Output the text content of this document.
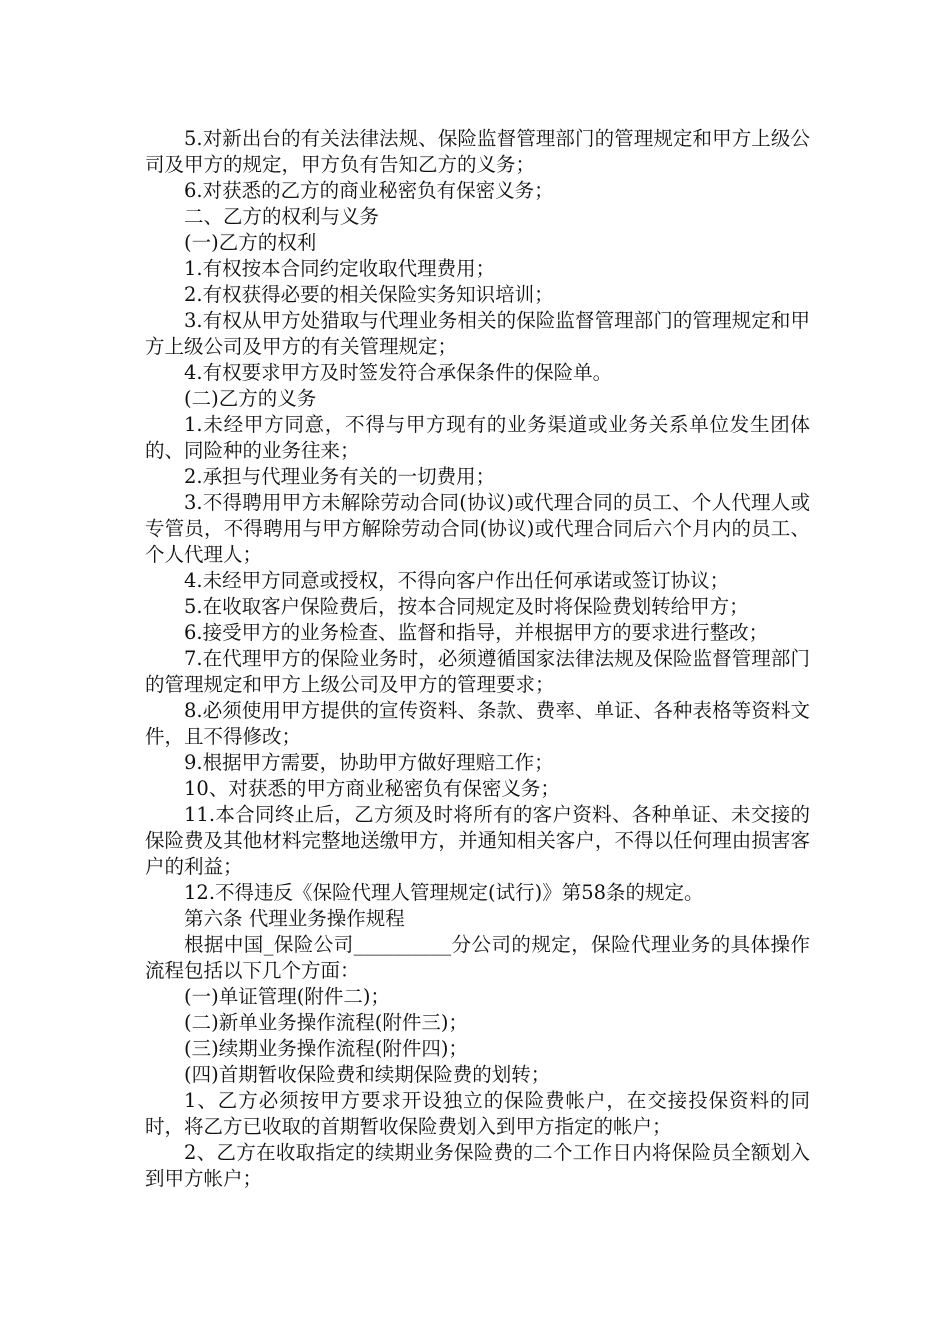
5.对新出台的有关法律法规、保险监督管理部门的管理规定和甲方上级公司及甲方的规定，甲方负有告知乙方的义务；

6.对获悉的乙方的商业秘密负有保密义务；

二、乙方的权利与义务

(一)乙方的权利

1.有权按本合同约定收取代理费用；

2.有权获得必要的相关保险实务知识培训；

3.有权从甲方处猎取与代理业务相关的保险监督管理部门的管理规定和甲方上级公司及甲方的有关管理规定；

4.有权要求甲方及时签发符合承保条件的保险单。

(二)乙方的义务

1.未经甲方同意，不得与甲方现有的业务渠道或业务关系单位发生团体的、同险种的业务往来；

2.承担与代理业务有关的一切费用；

3.不得聘用甲方未解除劳动合同(协议)或代理合同的员工、个人代理人或专管员，不得聘用与甲方解除劳动合同(协议)或代理合同后六个月内的员工、个人代理人；

4.未经甲方同意或授权，不得向客户作出任何承诺或签订协议；

5.在收取客户保险费后，按本合同规定及时将保险费划转给甲方；

6.接受甲方的业务检查、监督和指导，并根据甲方的要求进行整改；

7.在代理甲方的保险业务时，必须遵循国家法律法规及保险监督管理部门的管理规定和甲方上级公司及甲方的管理要求；

8.必须使用甲方提供的宣传资料、条款、费率、单证、各种表格等资料文件，且不得修改；

9.根据甲方需要，协助甲方做好理赔工作；

10、对获悉的甲方商业秘密负有保密义务；

11.本合同终止后，乙方须及时将所有的客户资料、各种单证、未交接的保险费及其他材料完整地送缴甲方，并通知相关客户，不得以任何理由损害客户的利益；

12.不得违反《保险代理人管理规定(试行)》第58条的规定。

第六条 代理业务操作规程

根据中国_保险公司__________分公司的规定，保险代理业务的具体操作流程包括以下几个方面：

(一)单证管理(附件二)；

(二)新单业务操作流程(附件三)；

(三)续期业务操作流程(附件四)；

(四)首期暂收保险费和续期保险费的划转；

1、乙方必须按甲方要求开设独立的保险费帐户，在交接投保资料的同时，将乙方已收取的首期暂收保险费划入到甲方指定的帐户；

2、乙方在收取指定的续期业务保险费的二个工作日内将保险员全额划入到甲方帐户；
